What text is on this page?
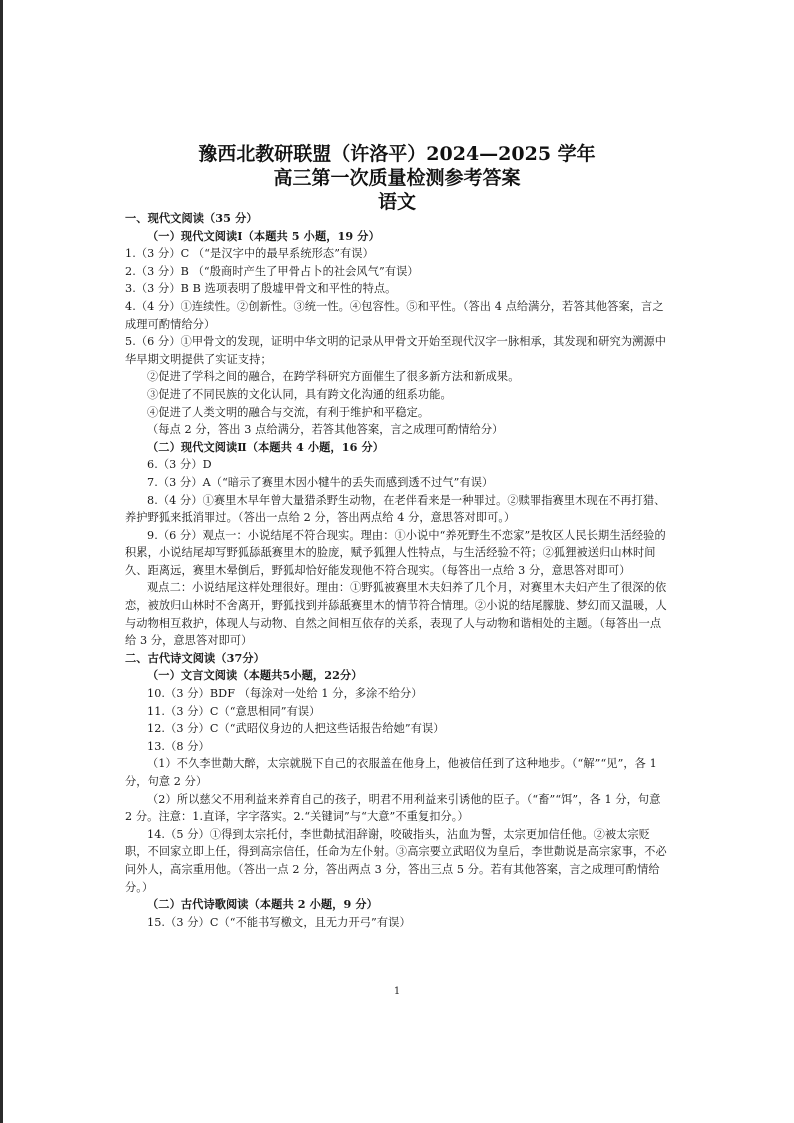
豫西北教研联盟（许洛平）2024—2025 学年
高三第一次质量检测参考答案
语文

一、现代文阅读（35 分）

（一）现代文阅读Ⅰ（本题共 5 小题，19 分）

1.（3 分）C （“是汉字中的最早系统形态”有误）

2.（3 分）B （“殷商时产生了甲骨占卜的社会风气”有误）

3.（3 分）B B 选项表明了殷墟甲骨文和平性的特点。

4.（4 分）①连续性。②创新性。③统一性。④包容性。⑤和平性。（答出 4 点给满分，若答其他答案，言之成理可酌情给分）

5.（6 分）①甲骨文的发现，证明中华文明的记录从甲骨文开始至现代汉字一脉相承，其发现和研究为溯源中华早期文明提供了实证支持；

②促进了学科之间的融合，在跨学科研究方面催生了很多新方法和新成果。

③促进了不同民族的文化认同，具有跨文化沟通的纽系功能。

④促进了人类文明的融合与交流，有利于维护和平稳定。

（每点 2 分，答出 3 点给满分，若答其他答案，言之成理可酌情给分）

（二）现代文阅读Ⅱ（本题共 4 小题，16 分）

6.（3 分）D

7.（3 分）A（“暗示了赛里木因小犍牛的丢失而感到透不过气”有误）

8.（4 分）①赛里木早年曾大量猎杀野生动物，在老伴看来是一种罪过。②赎罪指赛里木现在不再打猎、养护野狐来抵消罪过。（答出一点给 2 分，答出两点给 4 分，意思答对即可。）

9.（6 分）观点一：小说结尾不符合现实。理由：①小说中“养死野生不恋家”是牧区人民长期生活经验的积累，小说结尾却写野狐舔舐赛里木的脸庞，赋予狐狸人性特点，与生活经验不符；②狐狸被送归山林时间久、距离远，赛里木晕倒后，野狐却恰好能发现他不符合现实。（每答出一点给 3 分，意思答对即可）

观点二：小说结尾这样处理很好。理由：①野狐被赛里木夫妇养了几个月，对赛里木夫妇产生了很深的依恋，被放归山林时不舍离开，野狐找到并舔舐赛里木的情节符合情理。②小说的结尾朦胧、梦幻而又温暖，人与动物相互救护，体现人与动物、自然之间相互依存的关系，表现了人与动物和谐相处的主题。（每答出一点给 3 分，意思答对即可）

二、古代诗文阅读（37分）

（一）文言文阅读（本题共5小题，22分）

10.（3 分）BDF （每涂对一处给 1 分，多涂不给分）

11.（3 分）C（“意思相同”有误）

12.（3 分）C（“武昭仪身边的人把这些话报告给她”有误）

13.（8 分）

（1）不久李世勣大醉，太宗就脱下自己的衣服盖在他身上，他被信任到了这种地步。（“解”“见”，各 1 分，句意 2 分）

（2）所以慈父不用利益来养育自己的孩子，明君不用利益来引诱他的臣子。（“畜”“饵”，各 1 分，句意 2 分。注意：1.直译，字字落实。2.“关键词”与“大意”不重复扣分。）

14.（5 分）①得到太宗托付，李世勣拭泪辞谢，咬破指头，沾血为誓，太宗更加信任他。②被太宗贬职，不回家立即上任，得到高宗信任，任命为左仆射。③高宗要立武昭仪为皇后，李世勣说是高宗家事，不必问外人，高宗重用他。（答出一点 2 分，答出两点 3 分，答出三点 5 分。若有其他答案，言之成理可酌情给分。）

（二）古代诗歌阅读（本题共 2 小题，9 分）

15.（3 分）C（“不能书写檄文，且无力开弓”有误）

1
